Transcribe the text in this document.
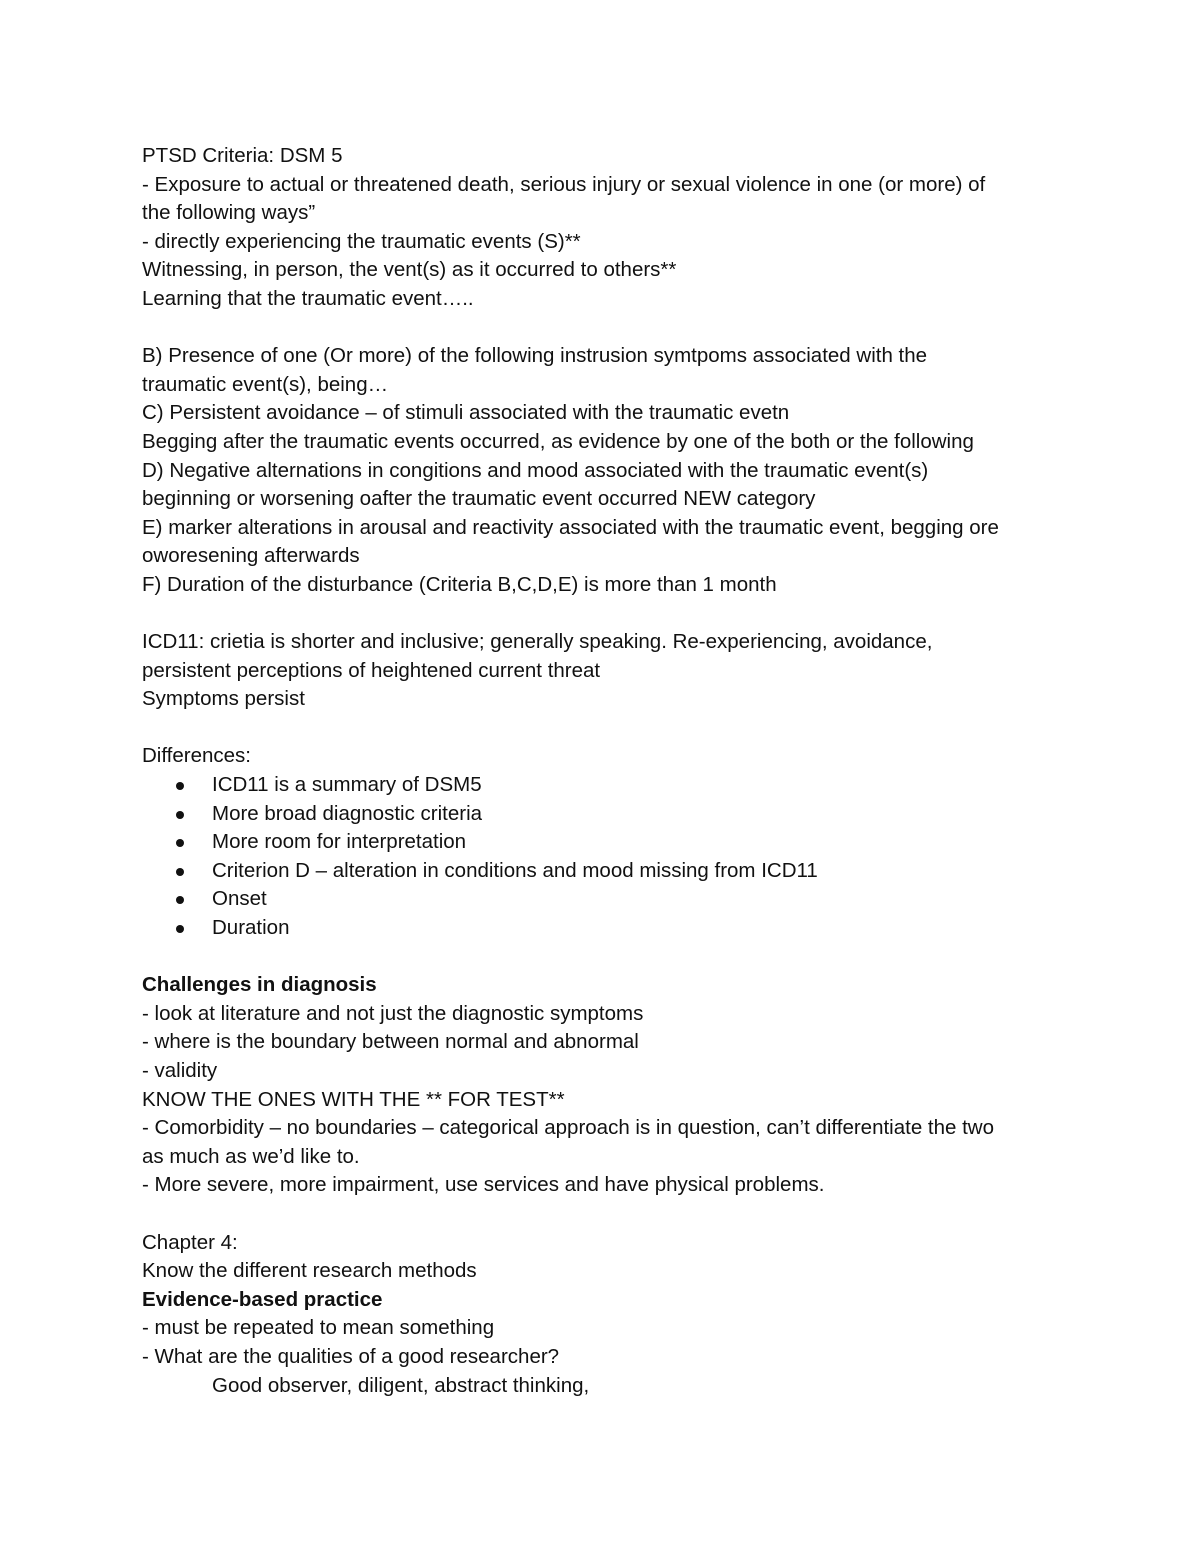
PTSD Criteria: DSM 5
- Exposure to actual or threatened death, serious injury or sexual violence in one (or more) of
the following ways”
- directly experiencing the traumatic events (S)**
Witnessing, in person, the vent(s) as it occurred to others**
Learning that the traumatic event…..
B) Presence of one (Or more) of the following instrusion symtpoms associated with the
traumatic event(s), being…
C) Persistent avoidance – of stimuli associated with the traumatic evetn
Begging after the traumatic events occurred, as evidence by one of the both or the following
D) Negative alternations in congitions and mood associated with the traumatic event(s)
beginning or worsening oafter the traumatic event occurred NEW category
E) marker alterations in arousal and reactivity associated with the traumatic event, begging ore
oworesening afterwards
F) Duration of the disturbance (Criteria B,C,D,E) is more than 1 month
ICD11: crietia is shorter and inclusive; generally speaking. Re-experiencing, avoidance,
persistent perceptions of heightened current threat
Symptoms persist
Differences:
ICD11 is a summary of DSM5
More broad diagnostic criteria
More room for interpretation
Criterion D – alteration in conditions and mood missing from ICD11
Onset
Duration
Challenges in diagnosis
- look at literature and not just the diagnostic symptoms
- where is the boundary between normal and abnormal
- validity
KNOW THE ONES WITH THE ** FOR TEST**
- Comorbidity – no boundaries – categorical approach is in question, can’t differentiate the two
as much as we’d like to.
- More severe, more impairment, use services and have physical problems.
Chapter 4:
Know the different research methods
Evidence-based practice
- must be repeated to mean something
- What are the qualities of a good researcher?
Good observer, diligent, abstract thinking,
